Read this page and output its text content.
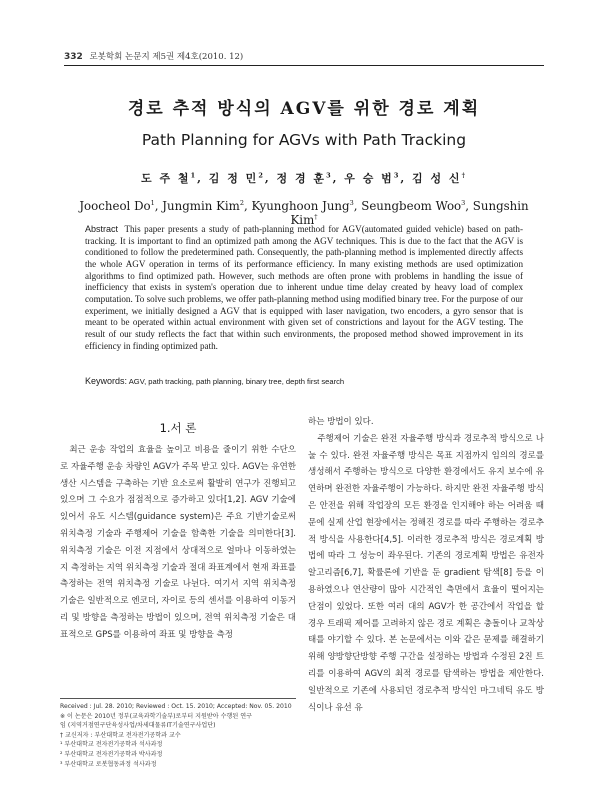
332 로봇학회 논문지 제5권 제4호(2010. 12)
경로 추적 방식의 AGV를 위한 경로 계획
Path Planning for AGVs with Path Tracking
도 주 철$^1$, 김 정 민$^2$, 정 경 훈$^3$, 우 승 범$^3$, 김 성 신†
Joocheol Do$^1$, Jungmin Kim$^2$, Kyunghoon Jung$^3$, Seungbeom Woo$^3$, Sungshin Kim†
Abstract This paper presents a study of path-planning method for AGV(automated guided vehicle) based on path-tracking. It is important to find an optimized path among the AGV techniques. This is due to the fact that the AGV is conditioned to follow the predetermined path. Consequently, the path-planning method is implemented directly affects the whole AGV operation in terms of its performance efficiency. In many existing methods are used optimization algorithms to find optimized path. However, such methods are often prone with problems in handling the issue of inefficiency that exists in system's operation due to inherent undue time delay created by heavy load of complex computation. To solve such problems, we offer path-planning method using modified binary tree. For the purpose of our experiment, we initially designed a AGV that is equipped with laser navigation, two encoders, a gyro sensor that is meant to be operated within actual environment with given set of constrictions and layout for the AGV testing. The result of our study reflects the fact that within such environments, the proposed method showed improvement in its efficiency in finding optimized path.
Keywords: AGV, path tracking, path planning, binary tree, depth first search
1.서 론

최근 운송 작업의 효율을 높이고 비용을 줄이기 위한 수단으로 자율주행 운송 차량인 AGV가 주목 받고 있다. AGV는 유연한 생산 시스템을 구축하는 기반 요소로써 활발히 연구가 진행되고 있으며 그 수요가 점점적으로 증가하고 있다[1,2]. AGV 기술에 있어서 유도 시스템(guidance system)은 주요 기반기술로써 위치측정 기술과 주행제어 기술을 함축한 기술을 의미한다[3]. 위치측정 기술은 이전 지점에서 상대적으로 얼마나 이동하였는지 측정하는 지역 위치측정 기술과 절대 좌표계에서 현재 좌표를 측정하는 전역 위치측정 기술로 나뉜다. 여기서 지역 위치측정 기술은 일반적으로 엔코더, 자이로 등의 센서를 이용하여 이동거리 및 방향을 측정하는 방법이 있으며, 전역 위치측정 기술은 대표적으로 GPS를 이용하여 좌표 및 방향을 측정

하는 방법이 있다.

주행제어 기술은 완전 자율주행 방식과 경로추적 방식으로 나눌 수 있다. 완전 자율주행 방식은 목표 지점까지 임의의 경로를 생성해서 주행하는 방식으로 다양한 환경에서도 유지 보수에 유연하며 완전한 자율주행이 가능하다. 하지만 완전 자율주행 방식은 안전을 위해 작업장의 모든 환경을 인지해야 하는 어려움 때문에 실제 산업 현장에서는 정해진 경로를 따라 주행하는 경로추적 방식을 사용한다[4,5]. 이러한 경로추적 방식은 경로계획 방법에 따라 그 성능이 좌우된다. 기존의 경로계획 방법은 유전자 알고리즘[6,7], 확률론에 기반을 둔 gradient 탐색[8] 등을 이용하였으나 연산량이 많아 시간적인 측면에서 효율이 떨어지는 단점이 있었다. 또한 여러 대의 AGV가 한 공간에서 작업을 할 경우 트래픽 제어를 고려하지 않은 경로 계획은 충돌이나 교착상태를 야기할 수 있다. 본 논문에서는 이와 같은 문제를 해결하기 위해 양방향단방향 주행 구간을 설정하는 방법과 수정된 2진 트리를 이용하여 AGV의 최적 경로를 탐색하는 방법을 제안한다. 일반적으로 기존에 사용되던 경로추적 방식인 마그네틱 유도 방식이나 유선 유

Received : Jul. 28. 2010; Reviewed : Oct. 15. 2010; Accepted: Nov. 05. 2010
※ 이 논문은 2010년 정부(교육과학기술부)로부터 지원받아 수행된 연구
임 (지역거점연구단육성사업/차세대물류IT기술연구사업단)
† 교신저자 : 부산대학교 전자전기공학과 교수
¹ 부산대학교 전자전기공학과 석사과정
² 부산대학교 전자전기공학과 박사과정
³ 부산대학교 로봇협동과정 석사과정
